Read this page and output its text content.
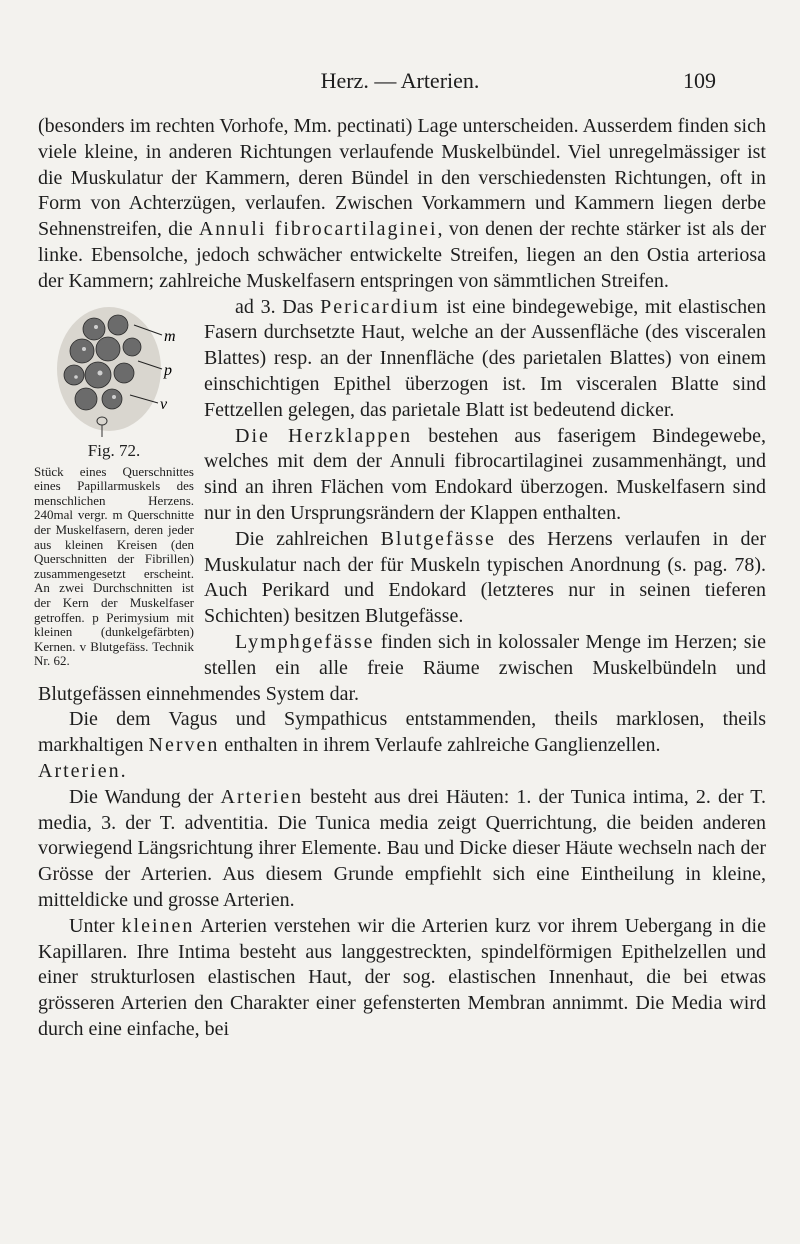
Herz. — Arterien.	109

(besonders im rechten Vorhofe, Mm. pectinati) Lage unterscheiden. Ausserdem finden sich viele kleine, in anderen Richtungen verlaufende Muskelbündel. Viel unregelmässiger ist die Muskulatur der Kammern, deren Bündel in den verschiedensten Richtungen, oft in Form von Achterzügen, verlaufen. Zwischen Vorkammern und Kammern liegen derbe Sehnenstreifen, die Annuli fibrocartilaginei, von denen der rechte stärker ist als der linke. Ebensolche, jedoch schwächer entwickelte Streifen, liegen an den Ostia arteriosa der Kammern; zahlreiche Muskelfasern entspringen von sämmtlichen Streifen.

m
p
v
Fig. 72.
Stück eines Querschnittes eines Papillarmuskels des menschlichen Herzens. 240mal vergr. m Querschnitte der Muskelfasern, deren jeder aus kleinen Kreisen (den Querschnitten der Fibrillen) zusammengesetzt erscheint. An zwei Durchschnitten ist der Kern der Muskelfaser getroffen. p Perimysium mit kleinen (dunkelgefärbten) Kernen. v Blutgefäss. Technik Nr. 62.

ad 3. Das Pericardium ist eine bindegewebige, mit elastischen Fasern durchsetzte Haut, welche an der Aussenfläche (des visceralen Blattes) resp. an der Innenfläche (des parietalen Blattes) von einem einschichtigen Epithel überzogen ist. Im visceralen Blatte sind Fettzellen gelegen, das parietale Blatt ist bedeutend dicker.

Die Herzklappen bestehen aus faserigem Bindegewebe, welches mit dem der Annuli fibrocartilaginei zusammenhängt, und sind an ihren Flächen vom Endokard überzogen. Muskelfasern sind nur in den Ursprungsrändern der Klappen enthalten.

Die zahlreichen Blutgefässe des Herzens verlaufen in der Muskulatur nach der für Muskeln typischen Anordnung (s. pag. 78). Auch Perikard und Endokard (letzteres nur in seinen tieferen Schichten) besitzen Blutgefässe.

Lymphgefässe finden sich in kolossaler Menge im Herzen; sie stellen ein alle freie Räume zwischen Muskelbündeln und Blutgefässen einnehmendes System dar.

Die dem Vagus und Sympathicus entstammenden, theils marklosen, theils markhaltigen Nerven enthalten in ihrem Verlaufe zahlreiche Ganglienzellen.

Arterien.

Die Wandung der Arterien besteht aus drei Häuten: 1. der Tunica intima, 2. der T. media, 3. der T. adventitia. Die Tunica media zeigt Querrichtung, die beiden anderen vorwiegend Längsrichtung ihrer Elemente. Bau und Dicke dieser Häute wechseln nach der Grösse der Arterien. Aus diesem Grunde empfiehlt sich eine Eintheilung in kleine, mitteldicke und grosse Arterien.

Unter kleinen Arterien verstehen wir die Arterien kurz vor ihrem Uebergang in die Kapillaren. Ihre Intima besteht aus langgestreckten, spindelförmigen Epithelzellen und einer strukturlosen elastischen Haut, der sog. elastischen Innenhaut, die bei etwas grösseren Arterien den Charakter einer gefensterten Membran annimmt. Die Media wird durch eine einfache, bei
